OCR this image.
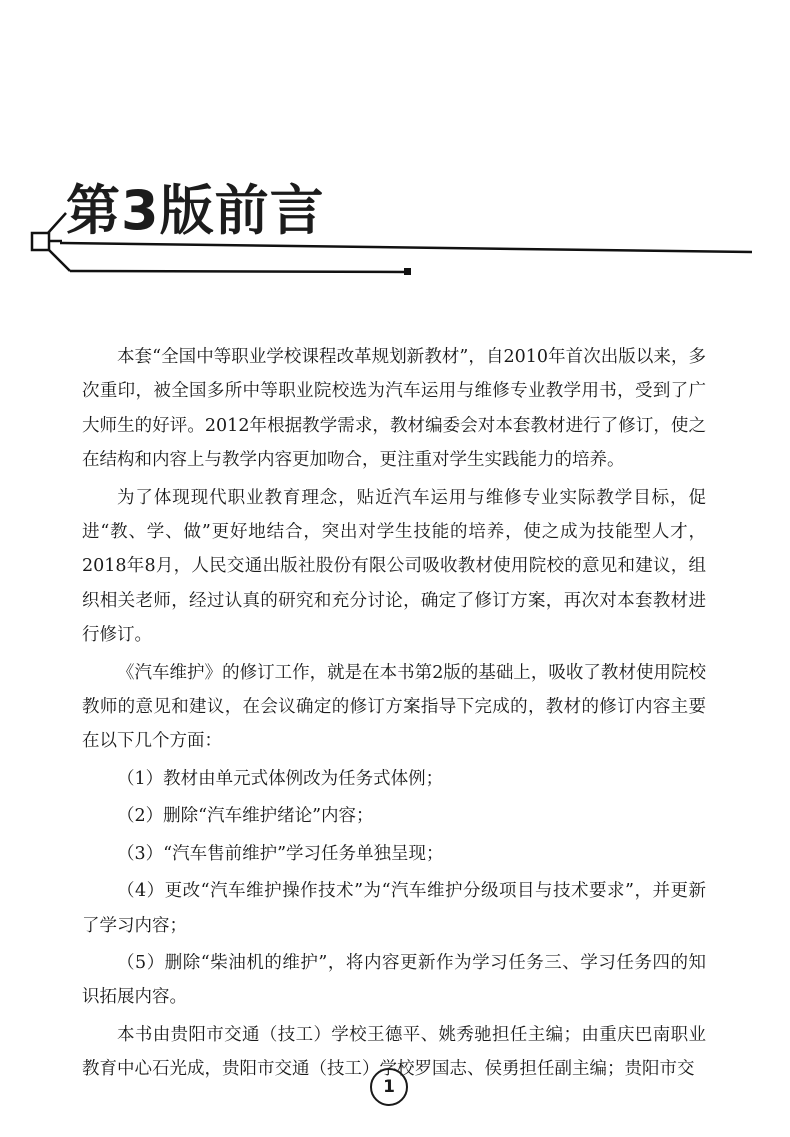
第3版前言

本套“全国中等职业学校课程改革规划新教材”，自2010年首次出版以来，多次重印，被全国多所中等职业院校选为汽车运用与维修专业教学用书，受到了广大师生的好评。2012年根据教学需求，教材编委会对本套教材进行了修订，使之在结构和内容上与教学内容更加吻合，更注重对学生实践能力的培养。

为了体现现代职业教育理念，贴近汽车运用与维修专业实际教学目标，促进“教、学、做”更好地结合，突出对学生技能的培养，使之成为技能型人才，2018年8月，人民交通出版社股份有限公司吸收教材使用院校的意见和建议，组织相关老师，经过认真的研究和充分讨论，确定了修订方案，再次对本套教材进行修订。

《汽车维护》的修订工作，就是在本书第2版的基础上，吸收了教材使用院校教师的意见和建议，在会议确定的修订方案指导下完成的，教材的修订内容主要在以下几个方面：

（1）教材由单元式体例改为任务式体例；

（2）删除“汽车维护绪论”内容；

（3）“汽车售前维护”学习任务单独呈现；

（4）更改“汽车维护操作技术”为“汽车维护分级项目与技术要求”，并更新了学习内容；

（5）删除“柴油机的维护”，将内容更新作为学习任务三、学习任务四的知识拓展内容。

本书由贵阳市交通（技工）学校王德平、姚秀驰担任主编；由重庆巴南职业教育中心石光成，贵阳市交通（技工）学校罗国志、侯勇担任副主编；贵阳市交

1
